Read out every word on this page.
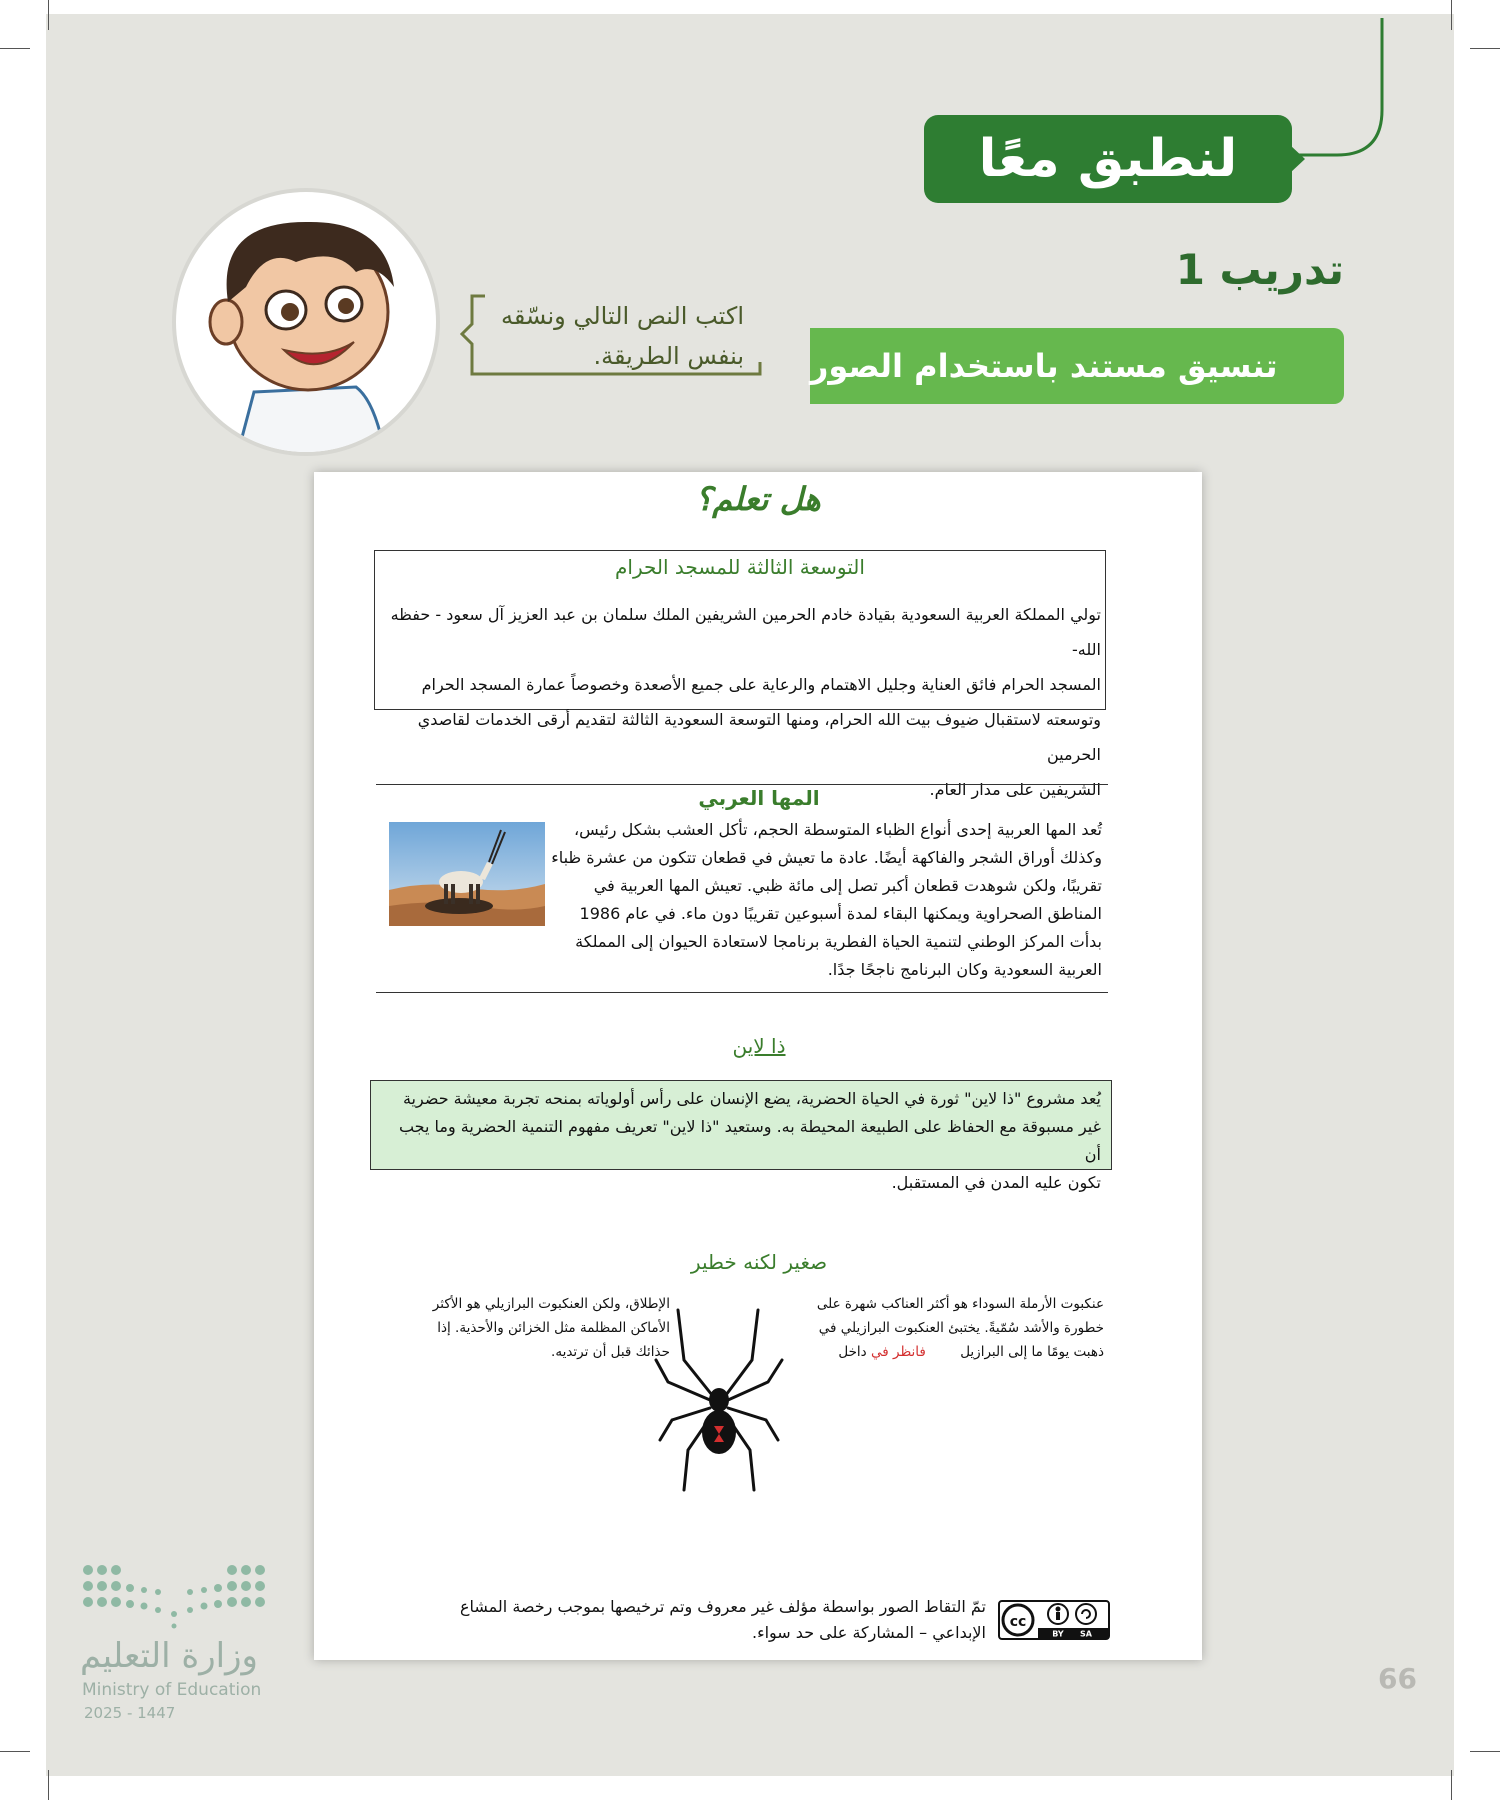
لنطبق معًا
تدريب 1
تنسيق مستند باستخدام الصور
اكتب النص التالي ونسّقه
بنفس الطريقة.
هل تعلم؟
التوسعة الثالثة للمسجد الحرام
تولي المملكة العربية السعودية بقيادة خادم الحرمين الشريفين الملك سلمان بن عبد العزيز آل سعود - حفظه الله-
المسجد الحرام فائق العناية وجليل الاهتمام والرعاية على جميع الأصعدة وخصوصاً عمارة المسجد الحرام
وتوسعته لاستقبال ضيوف بيت الله الحرام، ومنها التوسعة السعودية الثالثة لتقديم أرقى الخدمات لقاصدي الحرمين
الشريفين على مدار العام.
المها العربي
تُعد المها العربية إحدى أنواع الظباء المتوسطة الحجم، تأكل العشب بشكل رئيس،
وكذلك أوراق الشجر والفاكهة أيضًا. عادة ما تعيش في قطعان تتكون من عشرة ظباء
تقريبًا، ولكن شوهدت قطعان أكبر تصل إلى مائة ظبي. تعيش المها العربية في
المناطق الصحراوية ويمكنها البقاء لمدة أسبوعين تقريبًا دون ماء. في عام 1986
بدأت المركز الوطني لتنمية الحياة الفطرية برنامجا لاستعادة الحيوان إلى المملكة
العربية السعودية وكان البرنامج ناجحًا جدًا.
ذا لاين
يُعد مشروع "ذا لاين" ثورة في الحياة الحضرية، يضع الإنسان على رأس أولوياته بمنحه تجربة معيشة حضرية
غير مسبوقة مع الحفاظ على الطبيعة المحيطة به. وستعيد "ذا لاين" تعريف مفهوم التنمية الحضرية وما يجب أن
تكون عليه المدن في المستقبل.
صغير لكنه خطير
عنكبوت الأرملة السوداء هو أكثر العناكب شهرة على
خطورة والأشد سُمّيةً. يختبئ العنكبوت البرازيلي في
ذهبت يومًا ما إلى البرازيل        فانظر في داخل
الإطلاق، ولكن العنكبوت البرازيلي هو الأكثر
الأماكن المظلمة مثل الخزائن والأحذية. إذا
حذائك قبل أن ترتديه.
cc
BY SA
تمّ التقاط الصور بواسطة مؤلف غير معروف وتم ترخيصها بموجب رخصة المشاع
الإبداعي – المشاركة على حد سواء.
وزارة التعليم
Ministry of Education
2025 - 1447
66
